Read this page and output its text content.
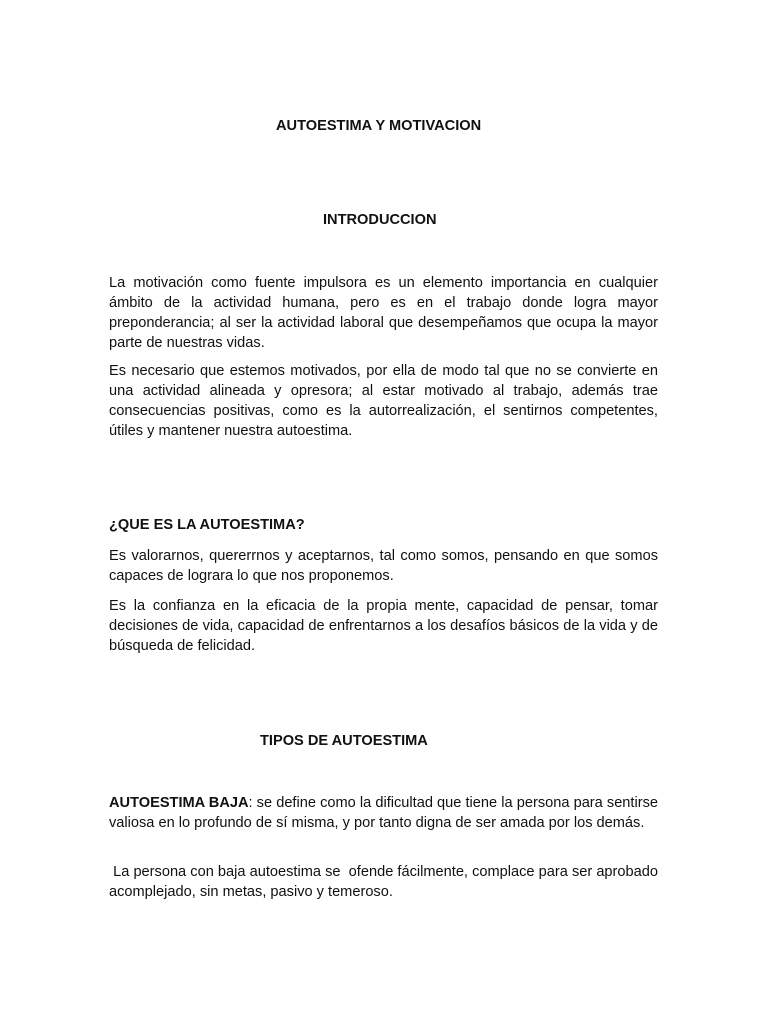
AUTOESTIMA Y MOTIVACION
INTRODUCCION

La motivación como fuente impulsora es un elemento importancia en cualquier ámbito de la actividad humana, pero es en el trabajo donde logra mayor preponderancia; al ser la actividad laboral que desempeñamos que ocupa la mayor parte de nuestras vidas.

Es necesario que estemos motivados, por ella de modo tal que no se convierte en una actividad alineada y opresora; al estar motivado al trabajo, además trae consecuencias positivas, como es la autorrealización, el sentirnos competentes, útiles y mantener nuestra autoestima.

¿QUE ES LA AUTOESTIMA?

Es valorarnos, quererrnos y aceptarnos, tal como somos, pensando en que somos capaces de lograra lo que nos proponemos.

Es la confianza en la eficacia de la propia mente, capacidad de pensar, tomar decisiones de vida, capacidad de enfrentarnos a los desafíos básicos de la vida y de búsqueda de felicidad.

TIPOS DE AUTOESTIMA

AUTOESTIMA BAJA: se define como la dificultad que tiene la persona para sentirse valiosa en lo profundo de sí misma, y por tanto digna de ser amada por los demás.

La persona con baja autoestima se  ofende fácilmente, complace para ser aprobado acomplejado, sin metas, pasivo y temeroso.
